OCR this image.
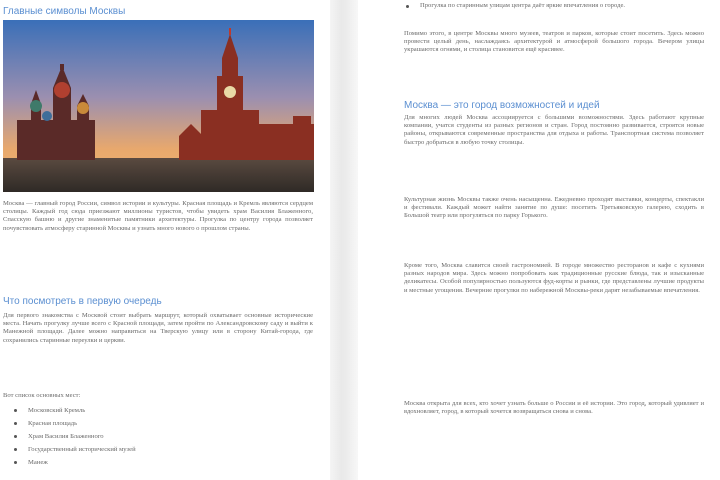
Главные символы Москвы

Москва — главный город России, символ истории и культуры. Красная площадь и Кремль являются сердцем столицы. Каждый год сюда приезжают миллионы туристов, чтобы увидеть храм Василия Блаженного, Спасскую башню и другие знаменитые памятники архитектуры. Прогулка по центру города позволяет почувствовать атмосферу старинной Москвы и узнать много нового о прошлом страны.

Что посмотреть в первую очередь

Для первого знакомства с Москвой стоит выбрать маршрут, который охватывает основные исторические места. Начать прогулку лучше всего с Красной площади, затем пройти по Александровскому саду и выйти к Манежной площади. Далее можно направиться на Тверскую улицу или в сторону Китай-города, где сохранились старинные переулки и церкви.

Вот список основных мест:

Московский Кремль
Красная площадь
Храм Василия Блаженного
Государственный исторический музей
Манеж
Прогулка по старинным улицам центра даёт яркие впечатления о городе.

Помимо этого, в центре Москвы много музеев, театров и парков, которые стоит посетить. Здесь можно провести целый день, наслаждаясь архитектурой и атмосферой большого города. Вечером улицы украшаются огнями, и столица становится ещё красивее.

Москва — это город возможностей и идей

Для многих людей Москва ассоциируется с большими возможностями. Здесь работают крупные компании, учатся студенты из разных регионов и стран. Город постоянно развивается, строятся новые районы, открываются современные пространства для отдыха и работы. Транспортная система позволяет быстро добраться в любую точку столицы.

Культурная жизнь Москвы также очень насыщенна. Ежедневно проходят выставки, концерты, спектакли и фестивали. Каждый может найти занятие по душе: посетить Третьяковскую галерею, сходить в Большой театр или прогуляться по парку Горького.

Кроме того, Москва славится своей гастрономией. В городе множество ресторанов и кафе с кухнями разных народов мира. Здесь можно попробовать как традиционные русские блюда, так и изысканные деликатесы. Особой популярностью пользуются фуд-корты и рынки, где представлены лучшие продукты и местные угощения. Вечерние прогулки по набережной Москвы-реки дарят незабываемые впечатления.

Москва открыта для всех, кто хочет узнать больше о России и её истории. Это город, который удивляет и вдохновляет, город, в который хочется возвращаться снова и снова.
